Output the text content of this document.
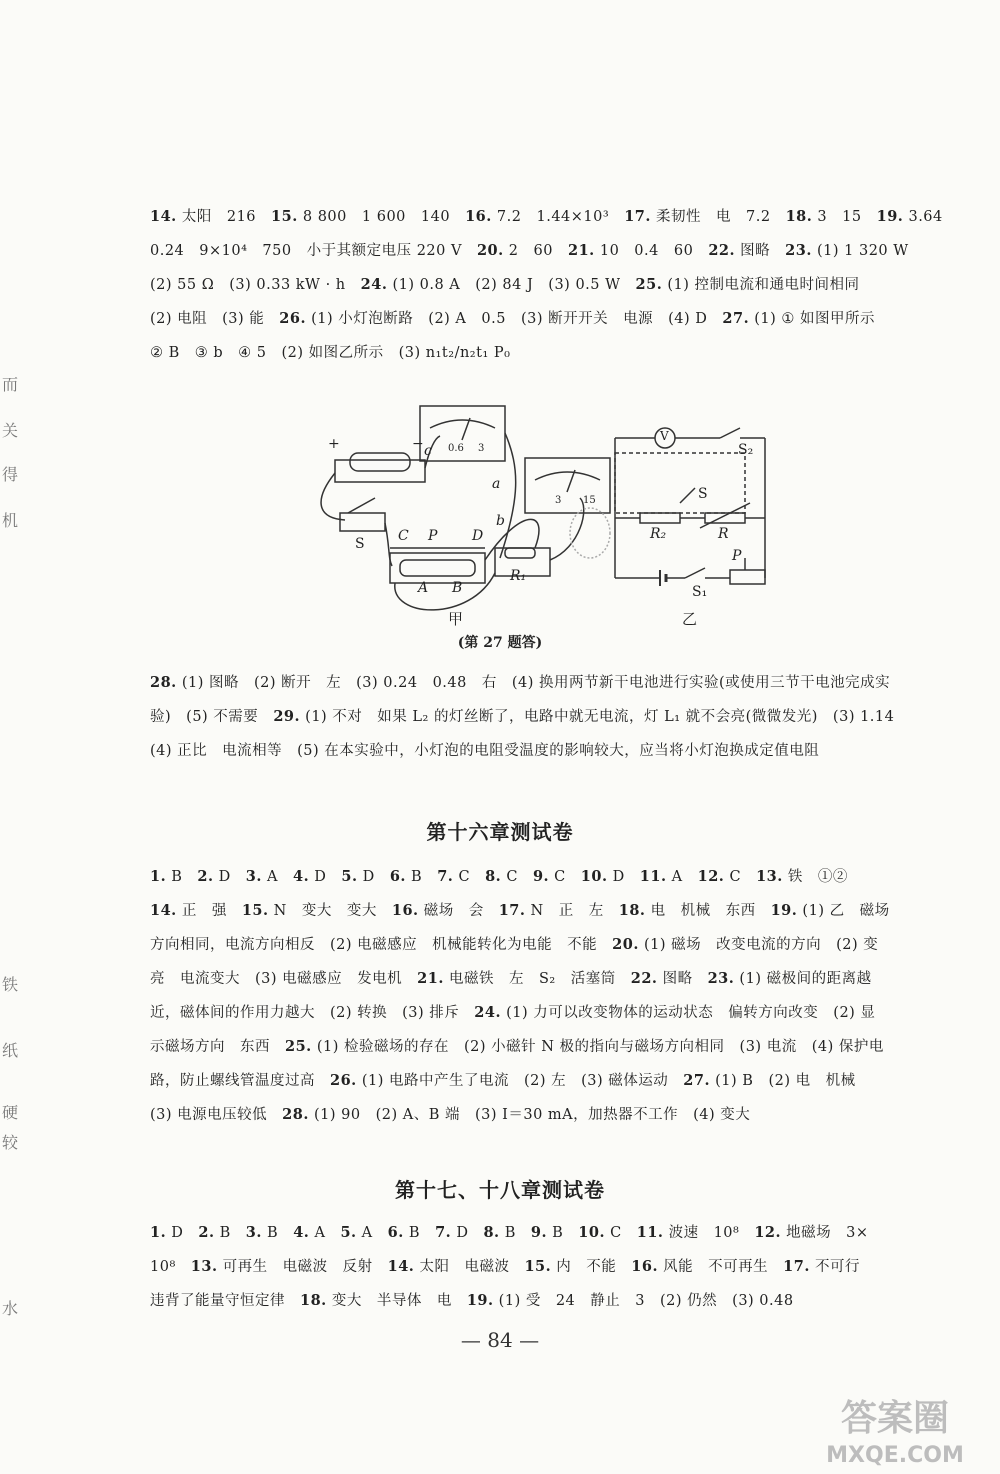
14. 太阳　216　15. 8 800　1 600　140　16. 7.2　1.44×10³　17. 柔韧性　电　7.2　18. 3　15　19. 3.64
0.24　9×10⁴　750　小于其额定电压 220 V　20. 2　60　21. 10　0.4　60　22. 图略　23. (1) 1 320 W
(2) 55 Ω　(3) 0.33 kW · h　24. (1) 0.8 A　(2) 84 J　(3) 0.5 W　25. (1) 控制电流和通电时间相同
(2) 电阻　(3) 能　26. (1) 小灯泡断路　(2) A　0.5　(3) 断开开关　电源　(4) D　27. (1) ① 如图甲所示
② B　③ b　④ 5　(2) 如图乙所示　(3) n₁t₂/n₂t₁ P₀
+	−
S C P D
A B
a
b
c
R₁
0.6 3
3 15
V
S₂
S
R₂	R
P
S₁
甲	乙
(第 27 题答)
28. (1) 图略　(2) 断开　左　(3) 0.24　0.48　右　(4) 换用两节新干电池进行实验(或使用三节干电池完成实
验)　(5) 不需要　29. (1) 不对　如果 L₂ 的灯丝断了，电路中就无电流，灯 L₁ 就不会亮(微微发光)　(3) 1.14
(4) 正比　电流相等　(5) 在本实验中，小灯泡的电阻受温度的影响较大，应当将小灯泡换成定值电阻
第十六章测试卷
1. B　2. D　3. A　4. D　5. D　6. B　7. C　8. C　9. C　10. D　11. A　12. C　13. 铁　①②
14. 正　强　15. N　变大　变大　16. 磁场　会　17. N　正　左　18. 电　机械　东西　19. (1) 乙　磁场
方向相同，电流方向相反　(2) 电磁感应　机械能转化为电能　不能　20. (1) 磁场　改变电流的方向　(2) 变
亮　电流变大　(3) 电磁感应　发电机　21. 电磁铁　左　S₂　活塞筒　22. 图略　23. (1) 磁极间的距离越
近，磁体间的作用力越大　(2) 转换　(3) 排斥　24. (1) 力可以改变物体的运动状态　偏转方向改变　(2) 显
示磁场方向　东西　25. (1) 检验磁场的存在　(2) 小磁针 N 极的指向与磁场方向相同　(3) 电流　(4) 保护电
路，防止螺线管温度过高　26. (1) 电路中产生了电流　(2) 左　(3) 磁体运动　27. (1) B　(2) 电　机械
(3) 电源电压较低　28. (1) 90　(2) A、B 端　(3) I＝30 mA，加热器不工作　(4) 变大
第十七、十八章测试卷
1. D　2. B　3. B　4. A　5. A　6. B　7. D　8. B　9. B　10. C　11. 波速　10⁸　12. 地磁场　3×
10⁸　13. 可再生　电磁波　反射　14. 太阳　电磁波　15. 内　不能　16. 风能　不可再生　17. 不可行
违背了能量守恒定律　18. 变大　半导体　电　19. (1) 受　24　静止　3　(2) 仍然　(3) 0.48
— 84 —
而
关
得
机
铁
纸
硬
较
水
答案圈
MXQE.COM
